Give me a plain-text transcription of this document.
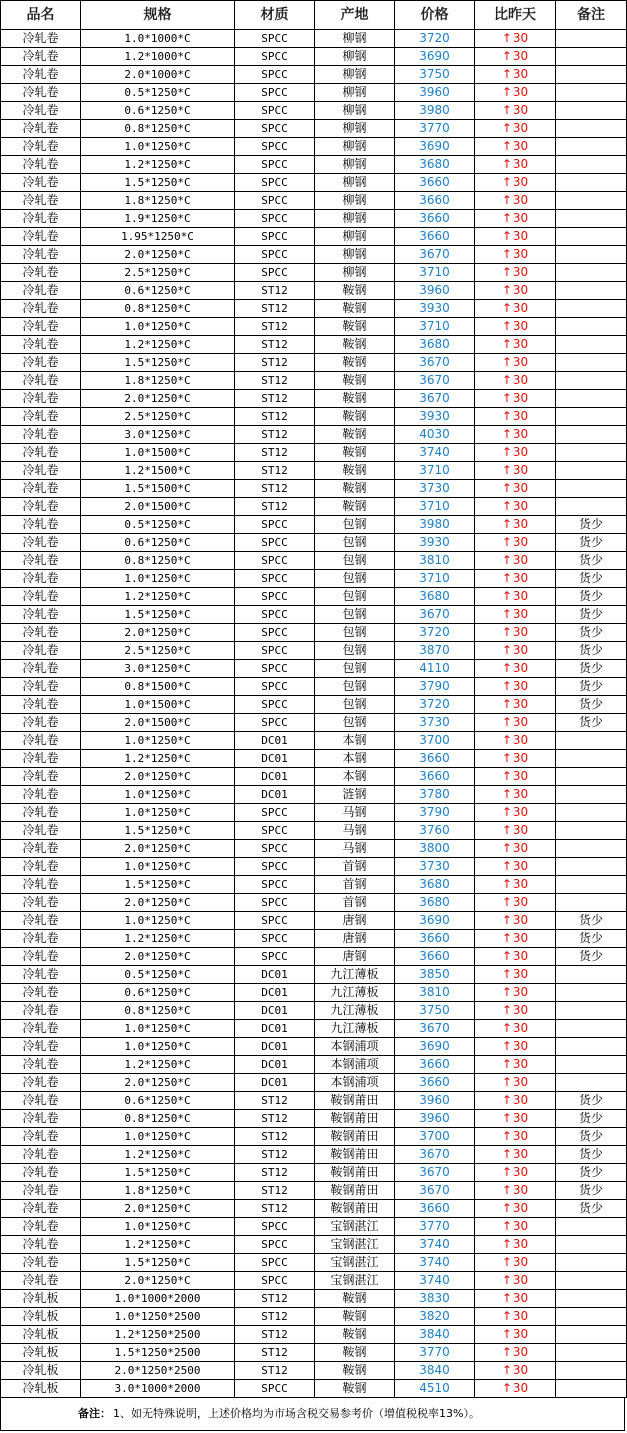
品名	规格	材质	产地	价格	比昨天	备注
冷轧卷	1.0*1000*C	SPCC	柳钢	3720	↑30	
冷轧卷	1.2*1000*C	SPCC	柳钢	3690	↑30	
冷轧卷	2.0*1000*C	SPCC	柳钢	3750	↑30	
冷轧卷	0.5*1250*C	SPCC	柳钢	3960	↑30	
冷轧卷	0.6*1250*C	SPCC	柳钢	3980	↑30	
冷轧卷	0.8*1250*C	SPCC	柳钢	3770	↑30	
冷轧卷	1.0*1250*C	SPCC	柳钢	3690	↑30	
冷轧卷	1.2*1250*C	SPCC	柳钢	3680	↑30	
冷轧卷	1.5*1250*C	SPCC	柳钢	3660	↑30	
冷轧卷	1.8*1250*C	SPCC	柳钢	3660	↑30	
冷轧卷	1.9*1250*C	SPCC	柳钢	3660	↑30	
冷轧卷	1.95*1250*C	SPCC	柳钢	3660	↑30	
冷轧卷	2.0*1250*C	SPCC	柳钢	3670	↑30	
冷轧卷	2.5*1250*C	SPCC	柳钢	3710	↑30	
冷轧卷	0.6*1250*C	ST12	鞍钢	3960	↑30	
冷轧卷	0.8*1250*C	ST12	鞍钢	3930	↑30	
冷轧卷	1.0*1250*C	ST12	鞍钢	3710	↑30	
冷轧卷	1.2*1250*C	ST12	鞍钢	3680	↑30	
冷轧卷	1.5*1250*C	ST12	鞍钢	3670	↑30	
冷轧卷	1.8*1250*C	ST12	鞍钢	3670	↑30	
冷轧卷	2.0*1250*C	ST12	鞍钢	3670	↑30	
冷轧卷	2.5*1250*C	ST12	鞍钢	3930	↑30	
冷轧卷	3.0*1250*C	ST12	鞍钢	4030	↑30	
冷轧卷	1.0*1500*C	ST12	鞍钢	3740	↑30	
冷轧卷	1.2*1500*C	ST12	鞍钢	3710	↑30	
冷轧卷	1.5*1500*C	ST12	鞍钢	3730	↑30	
冷轧卷	2.0*1500*C	ST12	鞍钢	3710	↑30	
冷轧卷	0.5*1250*C	SPCC	包钢	3980	↑30	货少
冷轧卷	0.6*1250*C	SPCC	包钢	3930	↑30	货少
冷轧卷	0.8*1250*C	SPCC	包钢	3810	↑30	货少
冷轧卷	1.0*1250*C	SPCC	包钢	3710	↑30	货少
冷轧卷	1.2*1250*C	SPCC	包钢	3680	↑30	货少
冷轧卷	1.5*1250*C	SPCC	包钢	3670	↑30	货少
冷轧卷	2.0*1250*C	SPCC	包钢	3720	↑30	货少
冷轧卷	2.5*1250*C	SPCC	包钢	3870	↑30	货少
冷轧卷	3.0*1250*C	SPCC	包钢	4110	↑30	货少
冷轧卷	0.8*1500*C	SPCC	包钢	3790	↑30	货少
冷轧卷	1.0*1500*C	SPCC	包钢	3720	↑30	货少
冷轧卷	2.0*1500*C	SPCC	包钢	3730	↑30	货少
冷轧卷	1.0*1250*C	DC01	本钢	3700	↑30	
冷轧卷	1.2*1250*C	DC01	本钢	3660	↑30	
冷轧卷	2.0*1250*C	DC01	本钢	3660	↑30	
冷轧卷	1.0*1250*C	DC01	涟钢	3780	↑30	
冷轧卷	1.0*1250*C	SPCC	马钢	3790	↑30	
冷轧卷	1.5*1250*C	SPCC	马钢	3760	↑30	
冷轧卷	2.0*1250*C	SPCC	马钢	3800	↑30	
冷轧卷	1.0*1250*C	SPCC	首钢	3730	↑30	
冷轧卷	1.5*1250*C	SPCC	首钢	3680	↑30	
冷轧卷	2.0*1250*C	SPCC	首钢	3680	↑30	
冷轧卷	1.0*1250*C	SPCC	唐钢	3690	↑30	货少
冷轧卷	1.2*1250*C	SPCC	唐钢	3660	↑30	货少
冷轧卷	2.0*1250*C	SPCC	唐钢	3660	↑30	货少
冷轧卷	0.5*1250*C	DC01	九江薄板	3850	↑30	
冷轧卷	0.6*1250*C	DC01	九江薄板	3810	↑30	
冷轧卷	0.8*1250*C	DC01	九江薄板	3750	↑30	
冷轧卷	1.0*1250*C	DC01	九江薄板	3670	↑30	
冷轧卷	1.0*1250*C	DC01	本钢浦项	3690	↑30	
冷轧卷	1.2*1250*C	DC01	本钢浦项	3660	↑30	
冷轧卷	2.0*1250*C	DC01	本钢浦项	3660	↑30	
冷轧卷	0.6*1250*C	ST12	鞍钢莆田	3960	↑30	货少
冷轧卷	0.8*1250*C	ST12	鞍钢莆田	3960	↑30	货少
冷轧卷	1.0*1250*C	ST12	鞍钢莆田	3700	↑30	货少
冷轧卷	1.2*1250*C	ST12	鞍钢莆田	3670	↑30	货少
冷轧卷	1.5*1250*C	ST12	鞍钢莆田	3670	↑30	货少
冷轧卷	1.8*1250*C	ST12	鞍钢莆田	3670	↑30	货少
冷轧卷	2.0*1250*C	ST12	鞍钢莆田	3660	↑30	货少
冷轧卷	1.0*1250*C	SPCC	宝钢湛江	3770	↑30	
冷轧卷	1.2*1250*C	SPCC	宝钢湛江	3740	↑30	
冷轧卷	1.5*1250*C	SPCC	宝钢湛江	3740	↑30	
冷轧卷	2.0*1250*C	SPCC	宝钢湛江	3740	↑30	
冷轧板	1.0*1000*2000	ST12	鞍钢	3830	↑30	
冷轧板	1.0*1250*2500	ST12	鞍钢	3820	↑30	
冷轧板	1.2*1250*2500	ST12	鞍钢	3840	↑30	
冷轧板	1.5*1250*2500	ST12	鞍钢	3770	↑30	
冷轧板	2.0*1250*2500	ST12	鞍钢	3840	↑30	
冷轧板	3.0*1000*2000	SPCC	鞍钢	4510	↑30	
备注： 1、如无特殊说明，上述价格均为市场含税交易参考价（增值税税率13%）。
